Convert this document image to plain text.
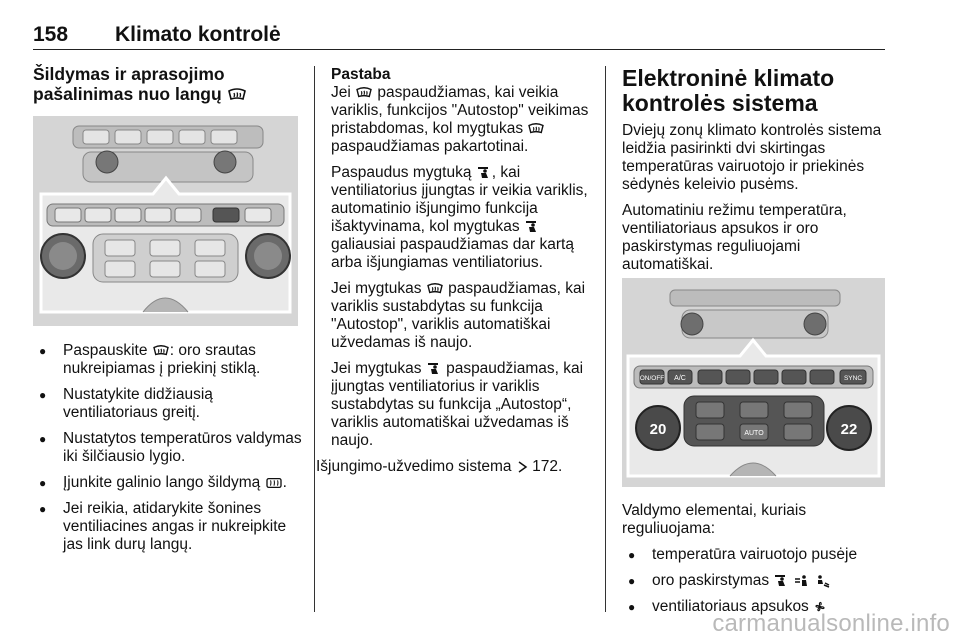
158 Klimato kontrolė
Šildymas ir aprasojimo
pašalinimas nuo langų
● Paspauskite : oro srautas nukreipiamas į priekinį stiklą.
● Nustatykite didžiausią ventiliatoriaus greitį.
● Nustatytos temperatūros valdymas iki šilčiausio lygio.
● Įjunkite galinio lango šildymą .
● Jei reikia, atidarykite šonines ventiliacines angas ir nukreipkite jas link durų langų.
Pastaba

Jei  paspaudžiamas, kai veikia variklis, funkcijos "Autostop" veikimas pristabdomas, kol mygtukas  paspaudžiamas pakartotinai.

Paspaudus mygtuką , kai ventiliatorius įjungtas ir veikia variklis, automatinio išjungimo funkcija išaktyvinama, kol mygtukas  galiausiai paspaudžiamas dar kartą arba išjungiamas ventiliatorius.

Jei mygtukas  paspaudžiamas, kai variklis sustabdytas su funkcija "Autostop", variklis automatiškai užvedamas iš naujo.

Jei mygtukas  paspaudžiamas, kai įjungtas ventiliatorius ir variklis sustabdytas su funkcija „Autostop“, variklis automatiškai užvedamas iš naujo.

Išjungimo-užvedimo sistema  172.

Elektroninė klimato kontrolės sistema

Dviejų zonų klimato kontrolės sistema leidžia pasirinkti dvi skirtingas temperatūras vairuotojo ir priekinės sėdynės keleivio pusėms.

Automatiniu režimu temperatūra, ventiliatoriaus apsukos ir oro paskirstymas reguliuojami automatiškai.

ON/OFF A/C	SYNC
AUTO
20	22

Valdymo elementai, kuriais reguliuojama:

● temperatūra vairuotojo pusėje
● oro paskirstymas
● ventiliatoriaus apsukos
carmanualsonline.info
